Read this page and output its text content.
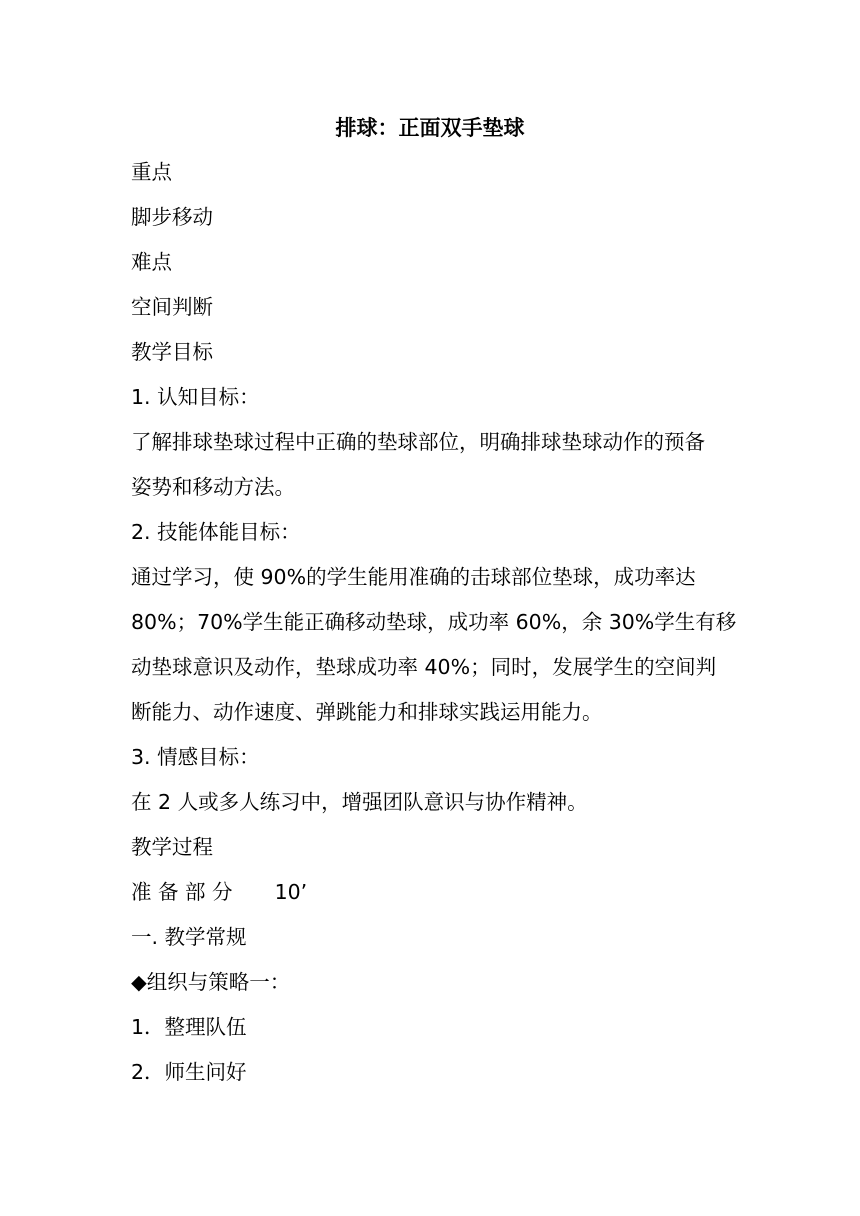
排球：正面双手垫球
重点
脚步移动
难点
空间判断
教学目标
1. 认知目标：
了解排球垫球过程中正确的垫球部位，明确排球垫球动作的预备
姿势和移动方法。
2. 技能体能目标：
通过学习，使 90%的学生能用准确的击球部位垫球，成功率达
80%；70%学生能正确移动垫球，成功率 60%，余 30%学生有移
动垫球意识及动作，垫球成功率 40%；同时，发展学生的空间判
断能力、动作速度、弹跳能力和排球实践运用能力。
3. 情感目标：
在 2 人或多人练习中，增强团队意识与协作精神。
教学过程
准 备 部 分 10’
一. 教学常规
◆组织与策略一：
1．整理队伍
2．师生问好
